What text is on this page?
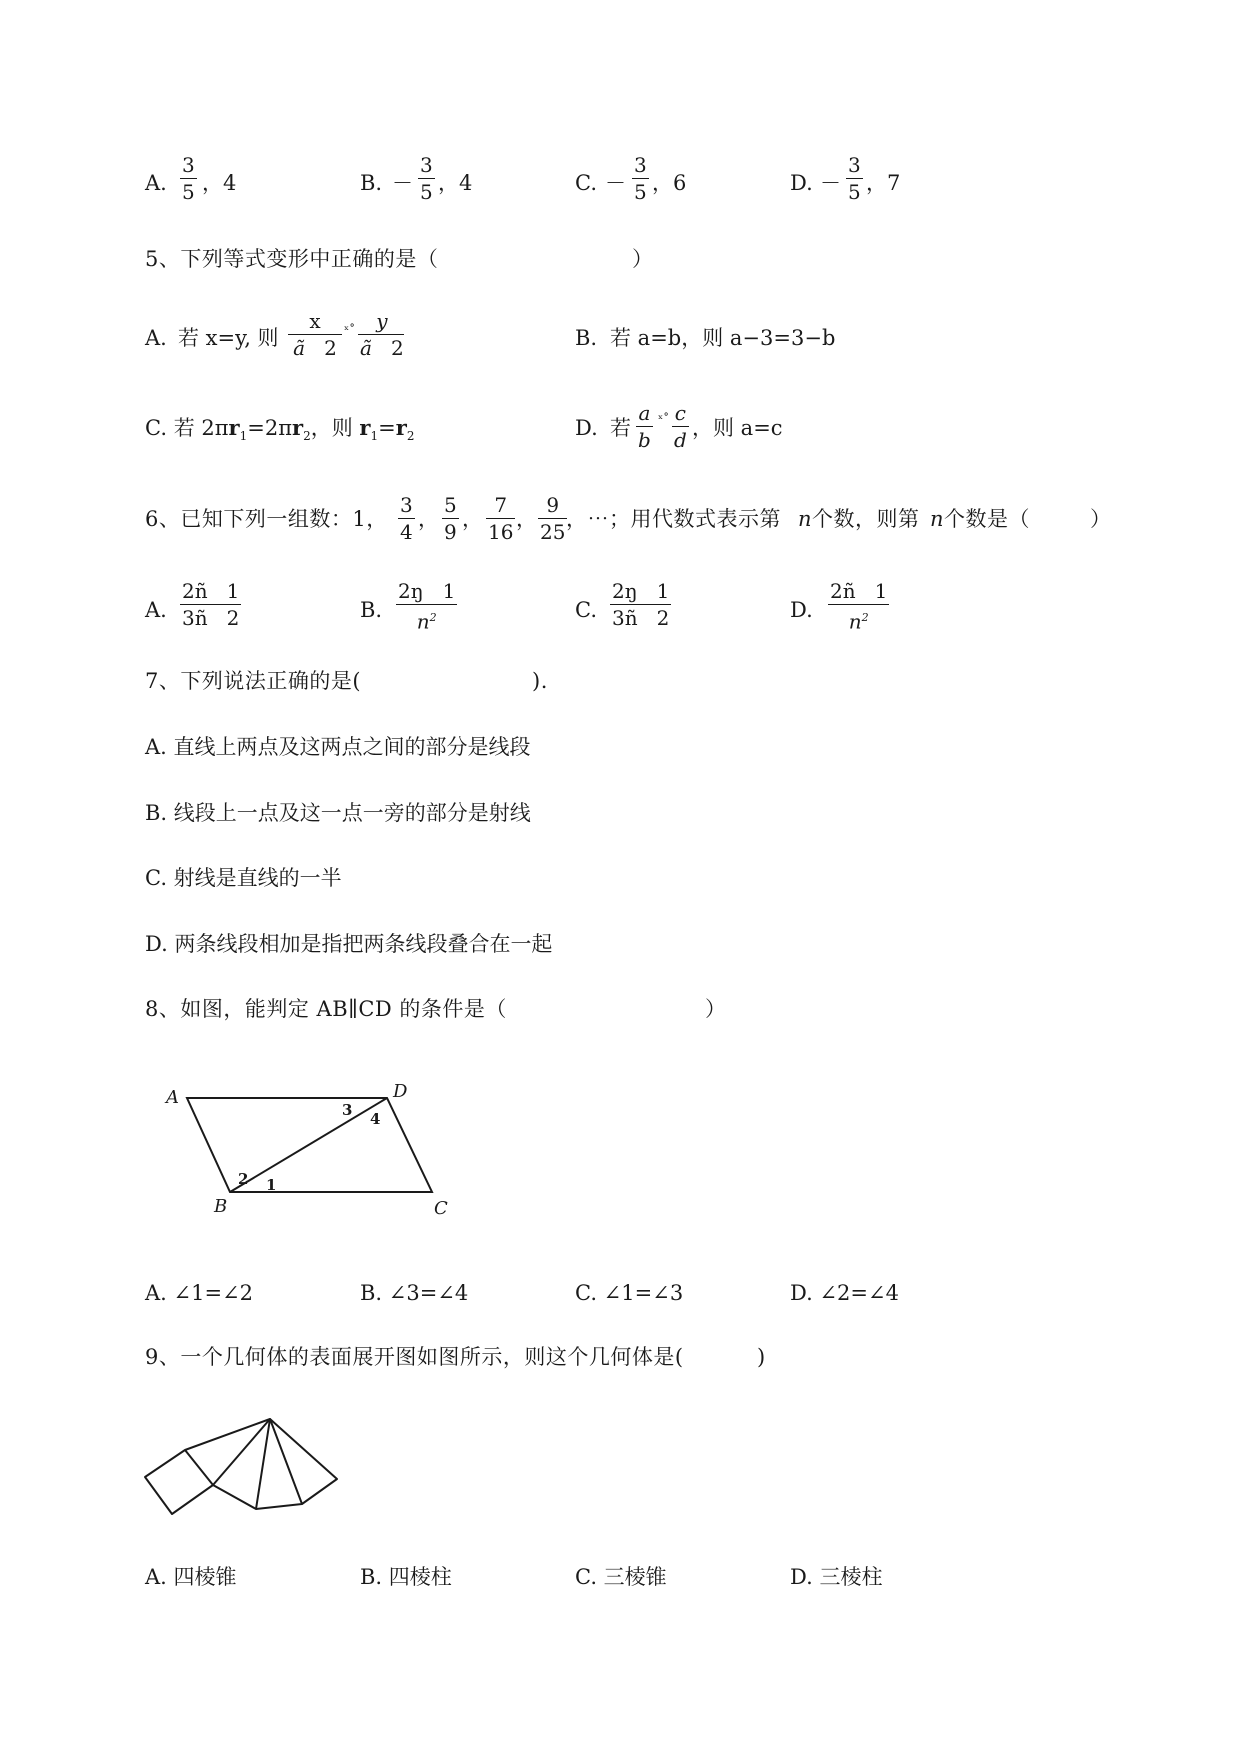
A.
3
5 ，4	B. －
3
5 ，4	C. －
3
5 ，6	D. －
3
5 ，7
5、下列等式变形中正确的是（	）
A. 若 x=y, 则
x
ã 2
ˣ˚ y
ã 2	B. 若 a=b，则 a−3=3−b
C. 若 $2\pi r_1=2\pi r_2$，则 $r_1=r_2$	D. 若
a
b
ˣ˚ c
d
，则 a=c
6、已知下列一组数：1，
3
4
，
5
9
，
7
16
，
9
25
，⋯；用代数式表示第 n 个数，则第 n 个数是（	）
A.
2ñ   1
3ñ   2	B.
2ŋ   1
$n^2$	C.
2ŋ   1
3ñ   2	D.
2ñ   1
$n^2$
7、下列说法正确的是(	).
A. 直线上两点及这两点之间的部分是线段
B. 线段上一点及这一点一旁的部分是射线
C. 射线是直线的一半
D. 两条线段相加是指把两条线段叠合在一起
8、如图，能判定 AB∥CD 的条件是（	）
A	D
C
B
2 1
3 4
A. ∠1=∠2	B. ∠3=∠4	C. ∠1=∠3	D. ∠2=∠4
9、一个几何体的表面展开图如图所示，则这个几何体是(	)
A. 四棱锥	B. 四棱柱	C. 三棱锥	D. 三棱柱
